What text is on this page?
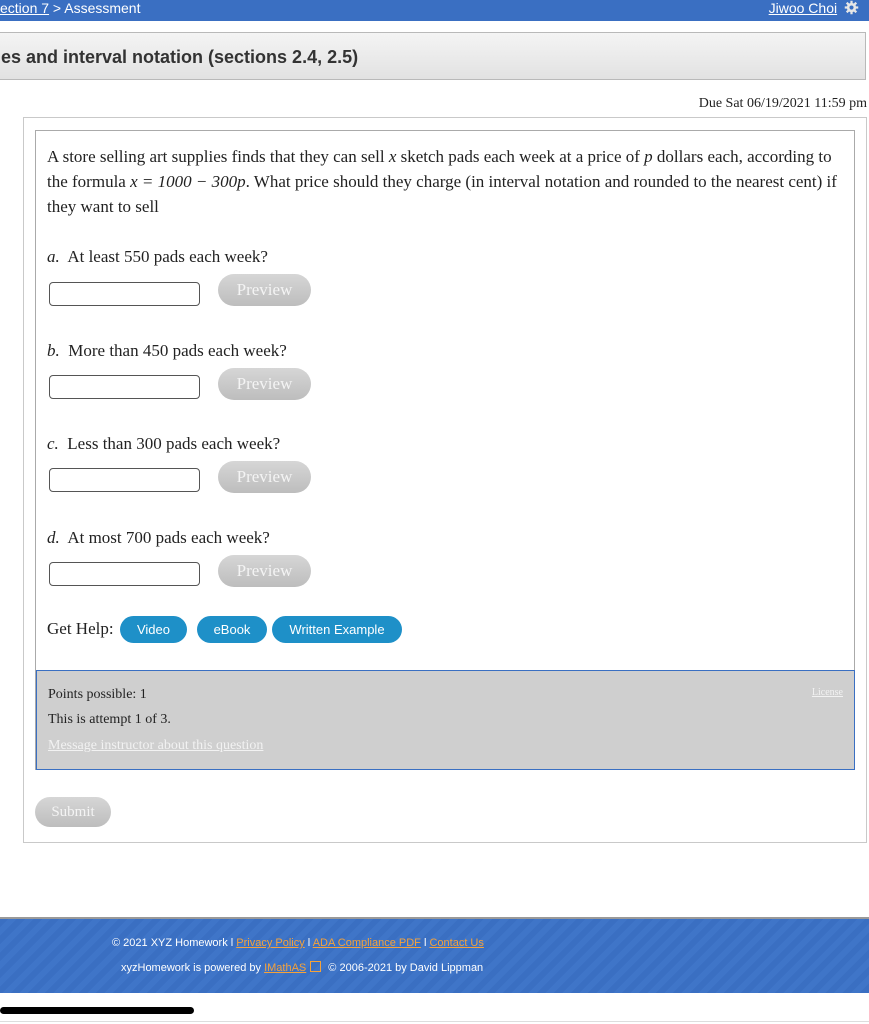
ection 7 > Assessment	Jiwoo Choi
es and interval notation (sections 2.4, 2.5)
Due Sat 06/19/2021 11:59 pm
A store selling art supplies finds that they can sell x sketch pads each week at a price of p dollars each, according to the formula x = 1000 − 300p. What price should they charge (in interval notation and rounded to the nearest cent) if they want to sell
a. At least 550 pads each week?
Preview
b. More than 450 pads each week?
Preview
c. Less than 300 pads each week?
Preview
d. At most 700 pads each week?
Preview
Get Help:	Video	eBook	Written Example
Points possible: 1
This is attempt 1 of 3.
Message instructor about this question
License
Submit
© 2021 XYZ Homework l Privacy Policy l ADA Compliance PDF l Contact Us
xyzHomework is powered by IMathAS © 2006-2021 by David Lippman
